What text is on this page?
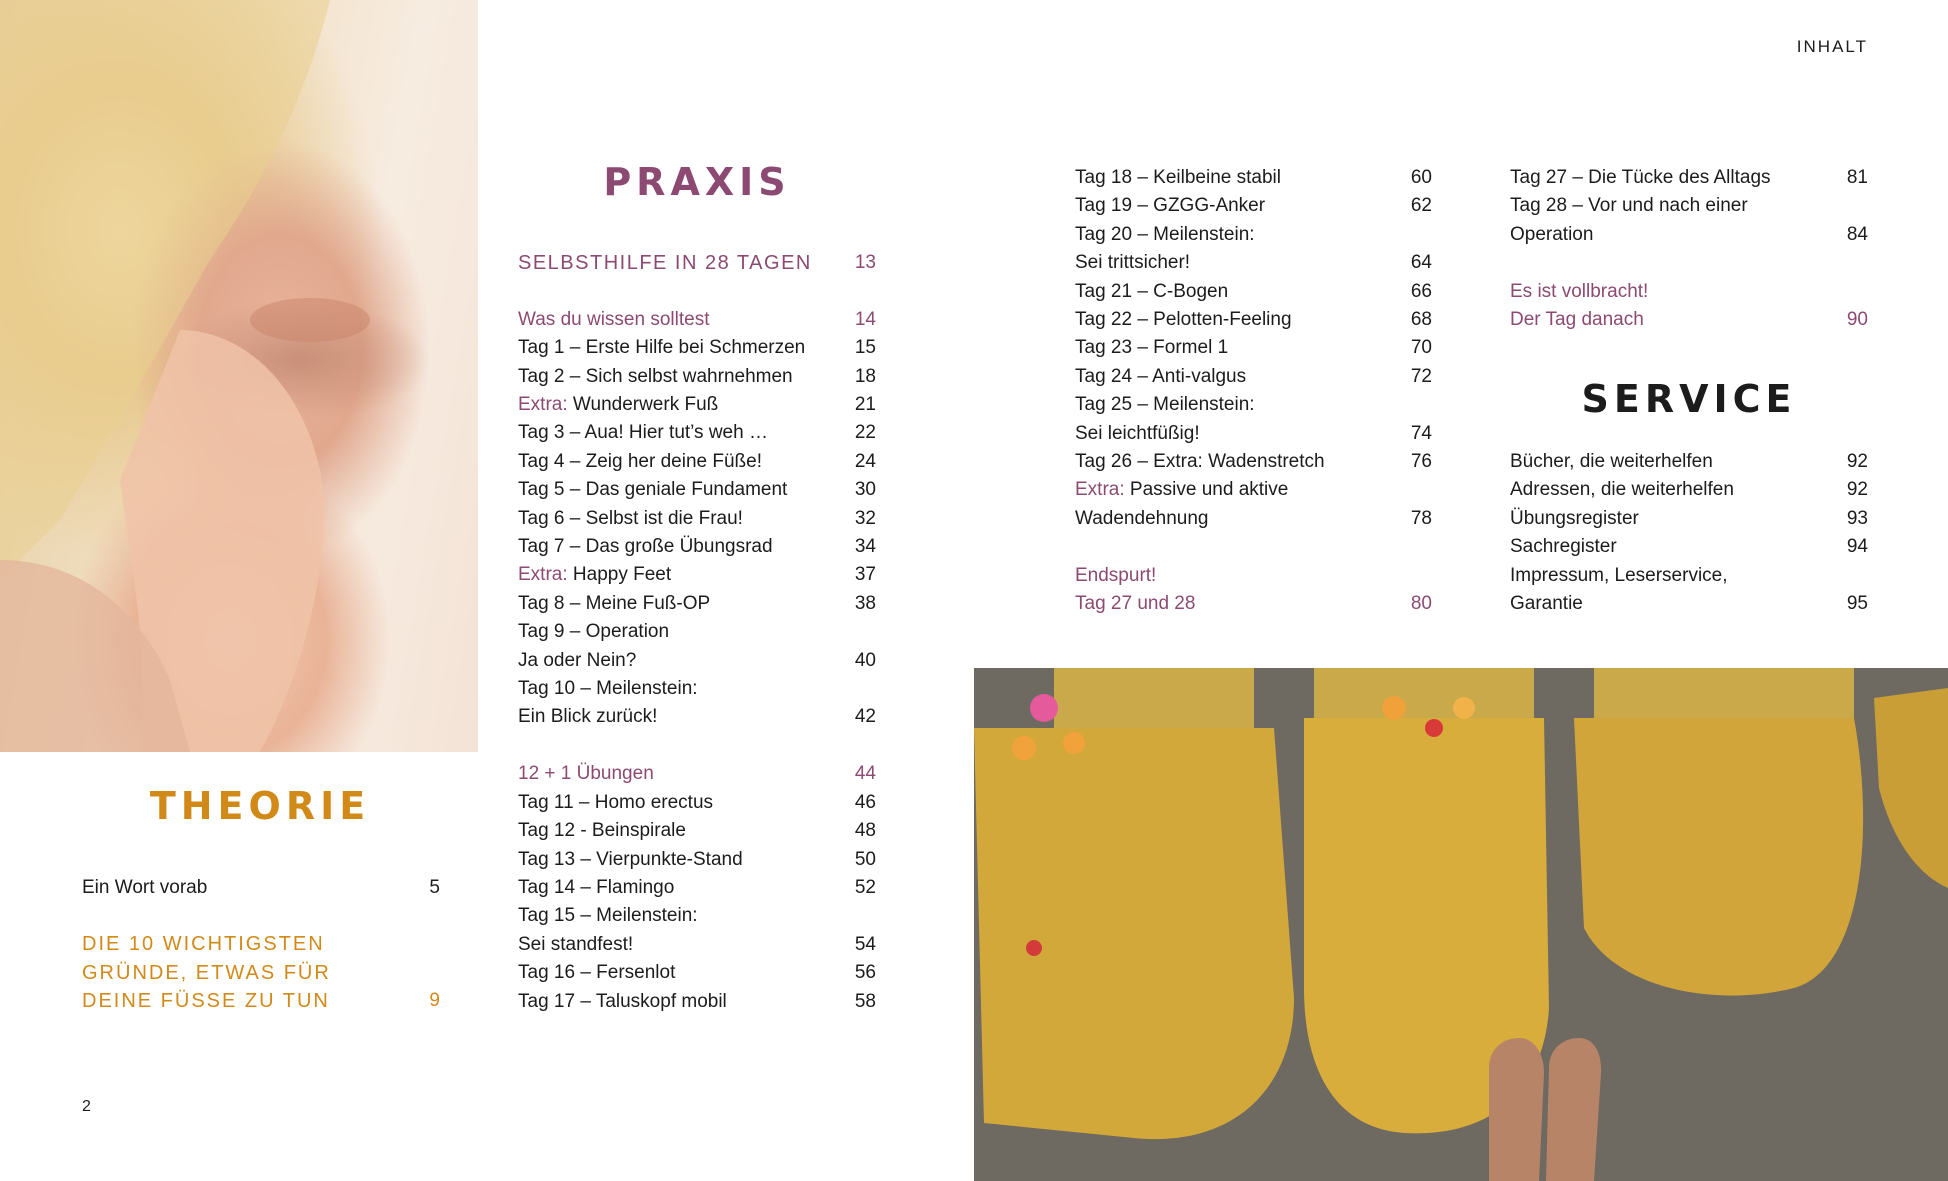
INHALT
2
THEORIE
Ein Wort vorab	5
DIE 10 WICHTIGSTEN
GRÜNDE, ETWAS FÜR
DEINE FÜSSE ZU TUN	9
PRAXIS
SELBSTHILFE IN 28 TAGEN	13
Was du wissen solltest	14
Tag 1 – Erste Hilfe bei Schmerzen	15
Tag 2 – Sich selbst wahrnehmen	18
Extra: Wunderwerk Fuß	21
Tag 3 – Aua! Hier tut’s weh …	22
Tag 4 – Zeig her deine Füße!	24
Tag 5 – Das geniale Fundament	30
Tag 6 – Selbst ist die Frau!	32
Tag 7 – Das große Übungsrad	34
Extra: Happy Feet	37
Tag 8 – Meine Fuß-OP	38
Tag 9 – Operation
Ja oder Nein?	40
Tag 10 – Meilenstein:
Ein Blick zurück!	42
12 + 1 Übungen	44
Tag 11 – Homo erectus	46
Tag 12 - Beinspirale	48
Tag 13 – Vierpunkte-Stand	50
Tag 14 – Flamingo	52
Tag 15 – Meilenstein:
Sei standfest!	54
Tag 16 – Fersenlot	56
Tag 17 – Taluskopf mobil	58
Tag 18 – Keilbeine stabil	60
Tag 19 – GZGG-Anker	62
Tag 20 – Meilenstein:
Sei trittsicher!	64
Tag 21 – C-Bogen	66
Tag 22 – Pelotten-Feeling	68
Tag 23 – Formel 1	70
Tag 24 – Anti-valgus	72
Tag 25 – Meilenstein:
Sei leichtfüßig!	74
Tag 26 – Extra: Wadenstretch	76
Extra: Passive und aktive
Wadendehnung	78
Endspurt!
Tag 27 und 28	80
Tag 27 – Die Tücke des Alltags	81
Tag 28 – Vor und nach einer
Operation	84
Es ist vollbracht!
Der Tag danach	90
SERVICE
Bücher, die weiterhelfen	92
Adressen, die weiterhelfen	92
Übungsregister	93
Sachregister	94
Impressum, Leserservice,
Garantie	95
